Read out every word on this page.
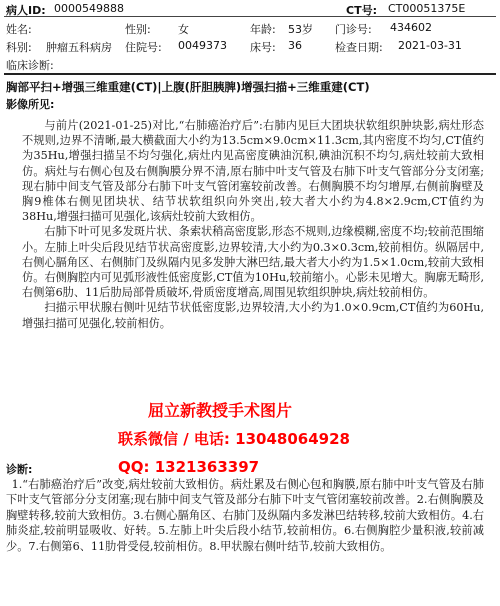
病人ID: 0000549888	CT号: CT00051375E
姓名:	性别: 女	年龄: 53岁 门诊号: 434602
科别: 肿瘤五科病房 住院号: 0049373 床号: 36	检查日期: 2021-03-31
临床诊断:
胸部平扫+增强三维重建(CT)|上腹(肝胆胰脾)增强扫描+三维重建(CT)
影像所见:

与前片(2021-01-25)对比,“右肺癌治疗后”:右肺内见巨大团块状软组织肿块影,病灶形态不规则,边界不清晰,最大横截面大小约为13.5cm×9.0cm×11.3cm,其内密度不均匀,CT值约为35Hu,增强扫描呈不均匀强化,病灶内见高密度碘油沉积,碘油沉积不均匀,病灶较前大致相仿。病灶与右侧心包及右侧胸膜分界不清,原右肺中叶支气管及右肺下叶支气管部分分支闭塞;现右肺中间支气管及部分右肺下叶支气管闭塞较前改善。右侧胸膜不均匀增厚,右侧前胸壁及胸9椎体右侧见团块状、结节状软组织向外突出,较大者大小约为4.8×2.9cm,CT值约为38Hu,增强扫描可见强化,该病灶较前大致相仿。

右肺下叶可见多发斑片状、条索状稍高密度影,形态不规则,边缘模糊,密度不均;较前范围缩小。左肺上叶尖后段见结节状高密度影,边界较清,大小约为0.3×0.3cm,较前相仿。纵隔居中,右侧心膈角区、右侧肺门及纵隔内见多发肿大淋巴结,最大者大小约为1.5×1.0cm,较前大致相仿。右侧胸腔内可见弧形液性低密度影,CT值为10Hu,较前缩小。心影未见增大。胸廓无畸形,右侧第6肋、11后肋局部骨质破坏,骨质密度增高,周围见软组织肿块,病灶较前相仿。

扫描示甲状腺右侧叶见结节状低密度影,边界较清,大小约为1.0×0.9cm,CT值约为60Hu,增强扫描可见强化,较前相仿。

屈立新教授手术图片
联系微信 / 电话: 13048064928
QQ: 1321363397
诊断:

1.“右肺癌治疗后”改变,病灶较前大致相仿。病灶累及右侧心包和胸膜,原右肺中叶支气管及右肺下叶支气管部分分支闭塞;现右肺中间支气管及部分右肺下叶支气管闭塞较前改善。2.右侧胸膜及胸壁转移,较前大致相仿。3.右侧心膈角区、右肺门及纵隔内多发淋巴结转移,较前大致相仿。4.右肺炎症,较前明显吸收、好转。5.左肺上叶尖后段小结节,较前相仿。6.右侧胸腔少量积液,较前减少。7.右侧第6、11肋骨受侵,较前相仿。8.甲状腺右侧叶结节,较前大致相仿。
